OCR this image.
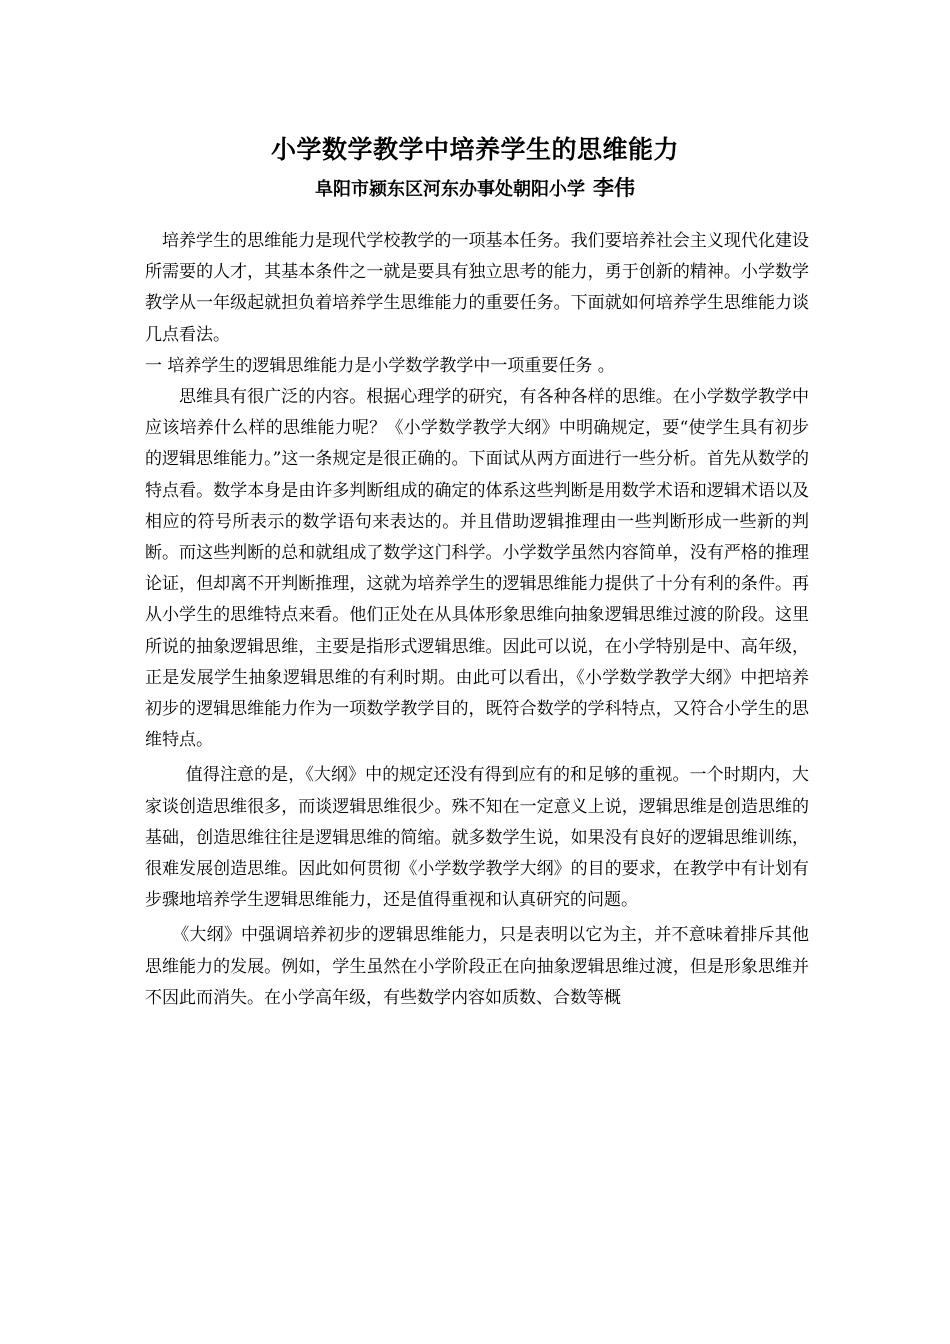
小学数学教学中培养学生的思维能力
阜阳市颍东区河东办事处朝阳小学 李伟

培养学生的思维能力是现代学校教学的一项基本任务。我们要培养社会主义现代化建设所需要的人才，其基本条件之一就是要具有独立思考的能力，勇于创新的精神。小学数学教学从一年级起就担负着培养学生思维能力的重要任务。下面就如何培养学生思维能力谈几点看法。

一 培养学生的逻辑思维能力是小学数学教学中一项重要任务 。

思维具有很广泛的内容。根据心理学的研究，有各种各样的思维。在小学数学教学中应该培养什么样的思维能力呢？《小学数学教学大纲》中明确规定，要“使学生具有初步的逻辑思维能力。”这一条规定是很正确的。下面试从两方面进行一些分析。首先从数学的特点看。数学本身是由许多判断组成的确定的体系这些判断是用数学术语和逻辑术语以及相应的符号所表示的数学语句来表达的。并且借助逻辑推理由一些判断形成一些新的判断。而这些判断的总和就组成了数学这门科学。小学数学虽然内容简单，没有严格的推理论证，但却离不开判断推理，这就为培养学生的逻辑思维能力提供了十分有利的条件。再从小学生的思维特点来看。他们正处在从具体形象思维向抽象逻辑思维过渡的阶段。这里所说的抽象逻辑思维，主要是指形式逻辑思维。因此可以说，在小学特别是中、高年级，正是发展学生抽象逻辑思维的有利时期。由此可以看出，《小学数学教学大纲》中把培养初步的逻辑思维能力作为一项数学教学目的，既符合数学的学科特点，又符合小学生的思维特点。

值得注意的是，《大纲》中的规定还没有得到应有的和足够的重视。一个时期内，大家谈创造思维很多，而谈逻辑思维很少。殊不知在一定意义上说，逻辑思维是创造思维的基础，创造思维往往是逻辑思维的简缩。就多数学生说，如果没有良好的逻辑思维训练，很难发展创造思维。因此如何贯彻《小学数学教学大纲》的目的要求，在教学中有计划有步骤地培养学生逻辑思维能力，还是值得重视和认真研究的问题。

《大纲》中强调培养初步的逻辑思维能力，只是表明以它为主，并不意味着排斥其他思维能力的发展。例如，学生虽然在小学阶段正在向抽象逻辑思维过渡，但是形象思维并不因此而消失。在小学高年级，有些数学内容如质数、合数等概
